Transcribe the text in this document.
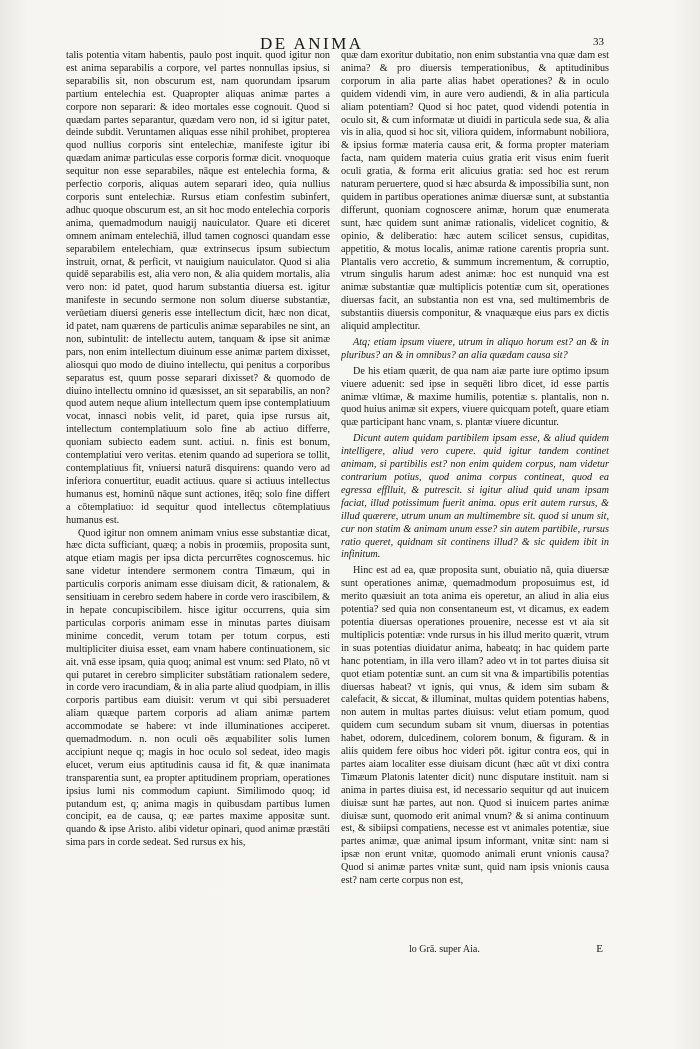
DE ANIMA	33

talis potentia vitam habentis, paulo post inquit. quod igitur non est anima separabilis a corpore, vel partes nonnullas ipsius, si separabilis sit, non obscurum est, nam quorundam ipsarum partium entelechia est. Quapropter aliquas animæ partes a corpore non separari: & ideo mortales esse cognouit. Quod si quædam partes separantur, quædam vero non, id si igitur patet, deinde subdit. Veruntamen aliquas esse nihil prohibet, propterea quod nullius corporis sint entelechiæ, manifeste igitur ibi quædam animæ particulas esse corporis formæ dicit. vnoquoque sequitur non esse separabiles, nāque est entelechia forma, & perfectio corporis, aliquas autem separari ideo, quia nullius corporis sunt entelechiæ. Rursus etiam confestim subinfert, adhuc quoque obscurum est, an sit hoc modo entelechia corporis anima, quemadmodum nauigij nauiculator. Quare eti diceret omnem animam entelechiā, illud tamen cognosci quandam esse separabilem entelechiam, quæ extrinsecus ipsum subiectum instruit, ornat, & perficit, vt nauigium nauiculator. Quod si alia quidē separabilis est, alia vero non, & alia quidem mortalis, alia vero non: id patet, quod harum substantia diuersa est. igitur manifeste in secundo sermone non solum diuerse substantiæ, verūetiam diuersi generis esse intellectum dicit, hæc non dicat, id patet, nam quærens de particulis animæ separabiles ne sint, an non, subintulit: de intellectu autem, tanquam & ipse sit animæ pars, non enim intellectum diuinum esse animæ partem dixisset, aliosqui quo modo de diuino intellectu, qui penitus a corporibus separatus est, quum posse separari dixisset? & quomodo de diuino intellectu omnino id quæsisset, an sit separabilis, an non? quod autem neque alium intellectum quem ipse contemplatiuum vocat, innasci nobis velit, id paret, quia ipse rursus ait, intellectum contemplatiuum solo fine ab actiuo differre, quoniam subiecto eadem sunt. actiui. n. finis est bonum, contemplatiui vero veritas. etenim quando ad superiora se tollit, contemplatiuus fit, vniuersi naturā disquirens: quando vero ad inferiora conuertitur, euadit actiuus. quare si actiuus intellectus humanus est, hominū nāque sunt actiones, itēq; solo fine differt a cōtemplatiuo: id sequitur quod intellectus cōtemplatiuus humanus est.

Quod igitur non omnem animam vnius esse substantiæ dicat, hæc dicta sufficiant, quæq; a nobis in proœmiis, proposita sunt, atque etiam magis per ipsa dicta percurrētes cognoscemus. hic sane videtur intendere sermonem contra Timæum, qui in particulis corporis animam esse diuisam dicit, & rationalem, & sensitiuam in cerebro sedem habere in corde vero irascibilem, & in hepate concupiscibilem. hisce igitur occurrens, quia sim particulas corporis animam esse in minutas partes diuisam minime concedit, verum totam per totum corpus, esti multipliciter diuisa esset, eam vnam habere continuationem, sic ait. vnā esse ipsam, quia quoq; animal est vnum: sed Plato, nō vt qui putaret in cerebro simpliciter substātiam rationalem sedere, in corde vero iracundiam, & in alia parte aliud quodpiam, in illis corporis partibus eam diuisit: verum vt qui sibi persuaderet aliam quæque partem corporis ad aliam animæ partem accommodate se habere: vt inde illuminationes acciperet. quemadmodum. n. non oculi oēs æquabiliter solis lumen accipiunt neque q; magis in hoc oculo sol sedeat, ideo magis elucet, verum eius aptitudinis causa id fit, & quæ inanimata transparentia sunt, ea propter aptitudinem propriam, operationes ipsius lumi nis commodum capiunt. Similimodo quoq; id putandum est, q; anima magis in quibusdam partibus lumen concipit, ea de causa, q; eæ partes maxime appositæ sunt. quando & ipse Aristo. alibi videtur opinari, quod animæ præstāti sima pars in corde sedeat. Sed rursus ex his,

quæ dam exoritur dubitatio, non enim substantia vna quæ dam est anima? & pro diuersis temperationibus, & aptitudinibus corporum in alia parte alias habet operationes? & in oculo quidem videndi vim, in aure vero audiendi, & in alia particula aliam potentiam? Quod si hoc patet, quod videndi potentia in oculo sit, & cum informatæ ut diuidi in particula sede sua, & alia vis in alia, quod si hoc sit, viliora quidem, informabunt nobiliora, & ipsius formæ materia causa erit, & forma propter materiam facta, nam quidem materia cuius gratia erit visus enim fuerit oculi gratia, & forma erit alicuius gratia: sed hoc est rerum naturam peruertere, quod si hæc absurda & impossibilia sunt, non quidem in partibus operationes animæ diuersæ sunt, at substantia differunt, quoniam cognoscere animæ, horum quæ enumerata sunt, hæc quidem sunt animæ rationalis, videlicet cognitio, & opinio, & deliberatio: hæc autem scilicet sensus, cupiditas, appetitio, & motus localis, animæ ratione carentis propria sunt. Plantalis vero accretio, & summum incrementum, & corruptio, vtrum singulis harum adest animæ: hoc est nunquid vna est animæ substantiæ quæ multiplicis potentiæ cum sit, operationes diuersas facit, an substantia non est vna, sed multimembris de substantiis diuersis componitur, & vnaquæque eius pars ex dictis aliquid amplectitur.

Atq; etiam ipsum viuere, utrum in aliquo horum est? an & in pluribus? an & in omnibus? an alia quædam causa sit?

De his etiam quærit, de qua nam aiæ parte iure optimo ipsum viuere aduenit: sed ipse in sequēti libro dicet, id esse partis animæ vltimæ, & maxime humilis, potentiæ s. plantalis, non n. quod huius animæ sit expers, viuere quicquam poteſt, quare etiam quæ participant hanc vnam, s. plantæ viuere dicuntur.

Dicunt autem quidam partibilem ipsam esse, & aliud quidem intelligere, aliud vero cupere. quid igitur tandem continet animam, si partibilis est? non enim quidem corpus, nam videtur contrarium potius, quod anima corpus contineat, quod ea egressa efflluit, & putrescit. si igitur aliud quid unam ipsam faciat, illud potissimum fuerit anima. opus erit autem rursus, & illud quærere, utrum unum an multimembre sit. quod si unum sit, cur non statim & animam unum esse? sin autem partibile, rursus ratio queret, quidnam sit continens illud? & sic quidem ibit in infinitum.

Hinc est ad ea, quæ proposita sunt, obuiatio nā, quia diuersæ sunt operationes animæ, quemadmodum proposuimus est, id merito quæsiuit an tota anima eis operetur, an aliud in alia eius potentia? sed quia non consentaneum est, vt dicamus, ex eadem potentia diuersas operationes prouenire, necesse est vt aia sit multiplicis potentiæ: vnde rursus in his illud merito quærit, vtrum in suas potentias diuidatur anima, habeatq; in hac quidem parte hanc potentiam, in illa vero illam? adeo vt in tot partes diuisa sit quot etiam potentiæ sunt. an cum sit vna & impartibilis potentias diuersas habeat? vt ignis, qui vnus, & idem sim subam & calefacit, & siccat, & illuminat, multas quidem potentias habens, non autem in multas partes diuisus: velut etiam pomum, quod quidem cum secundum subam sit vnum, diuersas in potentias habet, odorem, dulcedinem, colorem bonum, & figuram. & in aliis quidem fere oibus hoc videri pōt. igitur contra eos, qui in partes aiam localiter esse diuisam dicunt (hæc aūt vt dixi contra Timæum Platonis latenter dicit) nunc disputare instituit. nam si anima in partes diuisa est, id necessario sequitur qd aut inuicem diuisæ sunt hæ partes, aut non. Quod si inuicem partes animæ diuisæ sunt, quomodo erit animal vnum? & si anima continuum est, & sibiipsi compatiens, necesse est vt animales potentiæ, siue partes animæ, quæ animal ipsum informant, vnitæ sint: nam si ipsæ non erunt vnitæ, quomodo animali erunt vnionis causa? Quod si animæ partes vnitæ sunt, quid nam ipsis vnionis causa est? nam certe corpus non est,

lo Grā. super Aia.	E
